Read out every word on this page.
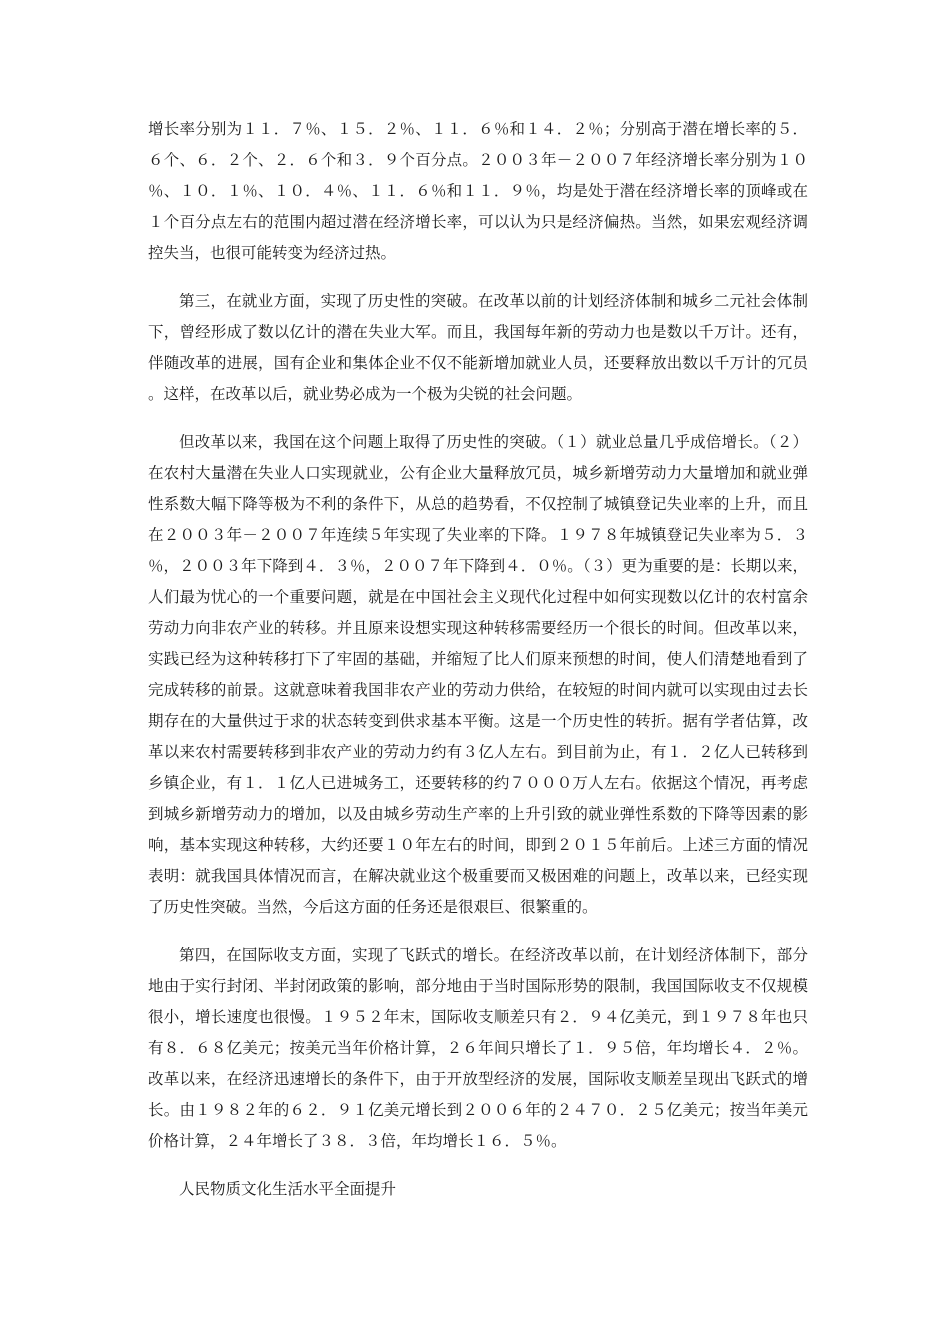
增长率分别为１１．７％、１５．２％、１１．６％和１４．２％；分别高于潜在增长率的５．６个、６．２个、２．６个和３．９个百分点。２００３年－２００７年经济增长率分别为１０％、１０．１％、１０．４％、１１．６％和１１．９％，均是处于潜在经济增长率的顶峰或在１个百分点左右的范围内超过潜在经济增长率，可以认为只是经济偏热。当然，如果宏观经济调控失当，也很可能转变为经济过热。

第三，在就业方面，实现了历史性的突破。在改革以前的计划经济体制和城乡二元社会体制下，曾经形成了数以亿计的潜在失业大军。而且，我国每年新的劳动力也是数以千万计。还有，伴随改革的进展，国有企业和集体企业不仅不能新增加就业人员，还要释放出数以千万计的冗员。这样，在改革以后，就业势必成为一个极为尖锐的社会问题。

但改革以来，我国在这个问题上取得了历史性的突破。（１）就业总量几乎成倍增长。（２）在农村大量潜在失业人口实现就业，公有企业大量释放冗员，城乡新增劳动力大量增加和就业弹性系数大幅下降等极为不利的条件下，从总的趋势看，不仅控制了城镇登记失业率的上升，而且在２００３年－２００７年连续５年实现了失业率的下降。１９７８年城镇登记失业率为５．３％，２００３年下降到４．３％，２００７年下降到４．０％。（３）更为重要的是：长期以来，人们最为忧心的一个重要问题，就是在中国社会主义现代化过程中如何实现数以亿计的农村富余劳动力向非农产业的转移。并且原来设想实现这种转移需要经历一个很长的时间。但改革以来，实践已经为这种转移打下了牢固的基础，并缩短了比人们原来预想的时间，使人们清楚地看到了完成转移的前景。这就意味着我国非农产业的劳动力供给，在较短的时间内就可以实现由过去长期存在的大量供过于求的状态转变到供求基本平衡。这是一个历史性的转折。据有学者估算，改革以来农村需要转移到非农产业的劳动力约有３亿人左右。到目前为止，有１．２亿人已转移到乡镇企业，有１．１亿人已进城务工，还要转移的约７０００万人左右。依据这个情况，再考虑到城乡新增劳动力的增加，以及由城乡劳动生产率的上升引致的就业弹性系数的下降等因素的影响，基本实现这种转移，大约还要１０年左右的时间，即到２０１５年前后。上述三方面的情况表明：就我国具体情况而言，在解决就业这个极重要而又极困难的问题上，改革以来，已经实现了历史性突破。当然，今后这方面的任务还是很艰巨、很繁重的。

第四，在国际收支方面，实现了飞跃式的增长。在经济改革以前，在计划经济体制下，部分地由于实行封闭、半封闭政策的影响，部分地由于当时国际形势的限制，我国国际收支不仅规模很小，增长速度也很慢。１９５２年末，国际收支顺差只有２．９４亿美元，到１９７８年也只有８．６８亿美元；按美元当年价格计算，２６年间只增长了１．９５倍，年均增长４．２％。改革以来，在经济迅速增长的条件下，由于开放型经济的发展，国际收支顺差呈现出飞跃式的增长。由１９８２年的６２．９１亿美元增长到２００６年的２４７０．２５亿美元；按当年美元价格计算，２４年增长了３８．３倍，年均增长１６．５％。

人民物质文化生活水平全面提升
